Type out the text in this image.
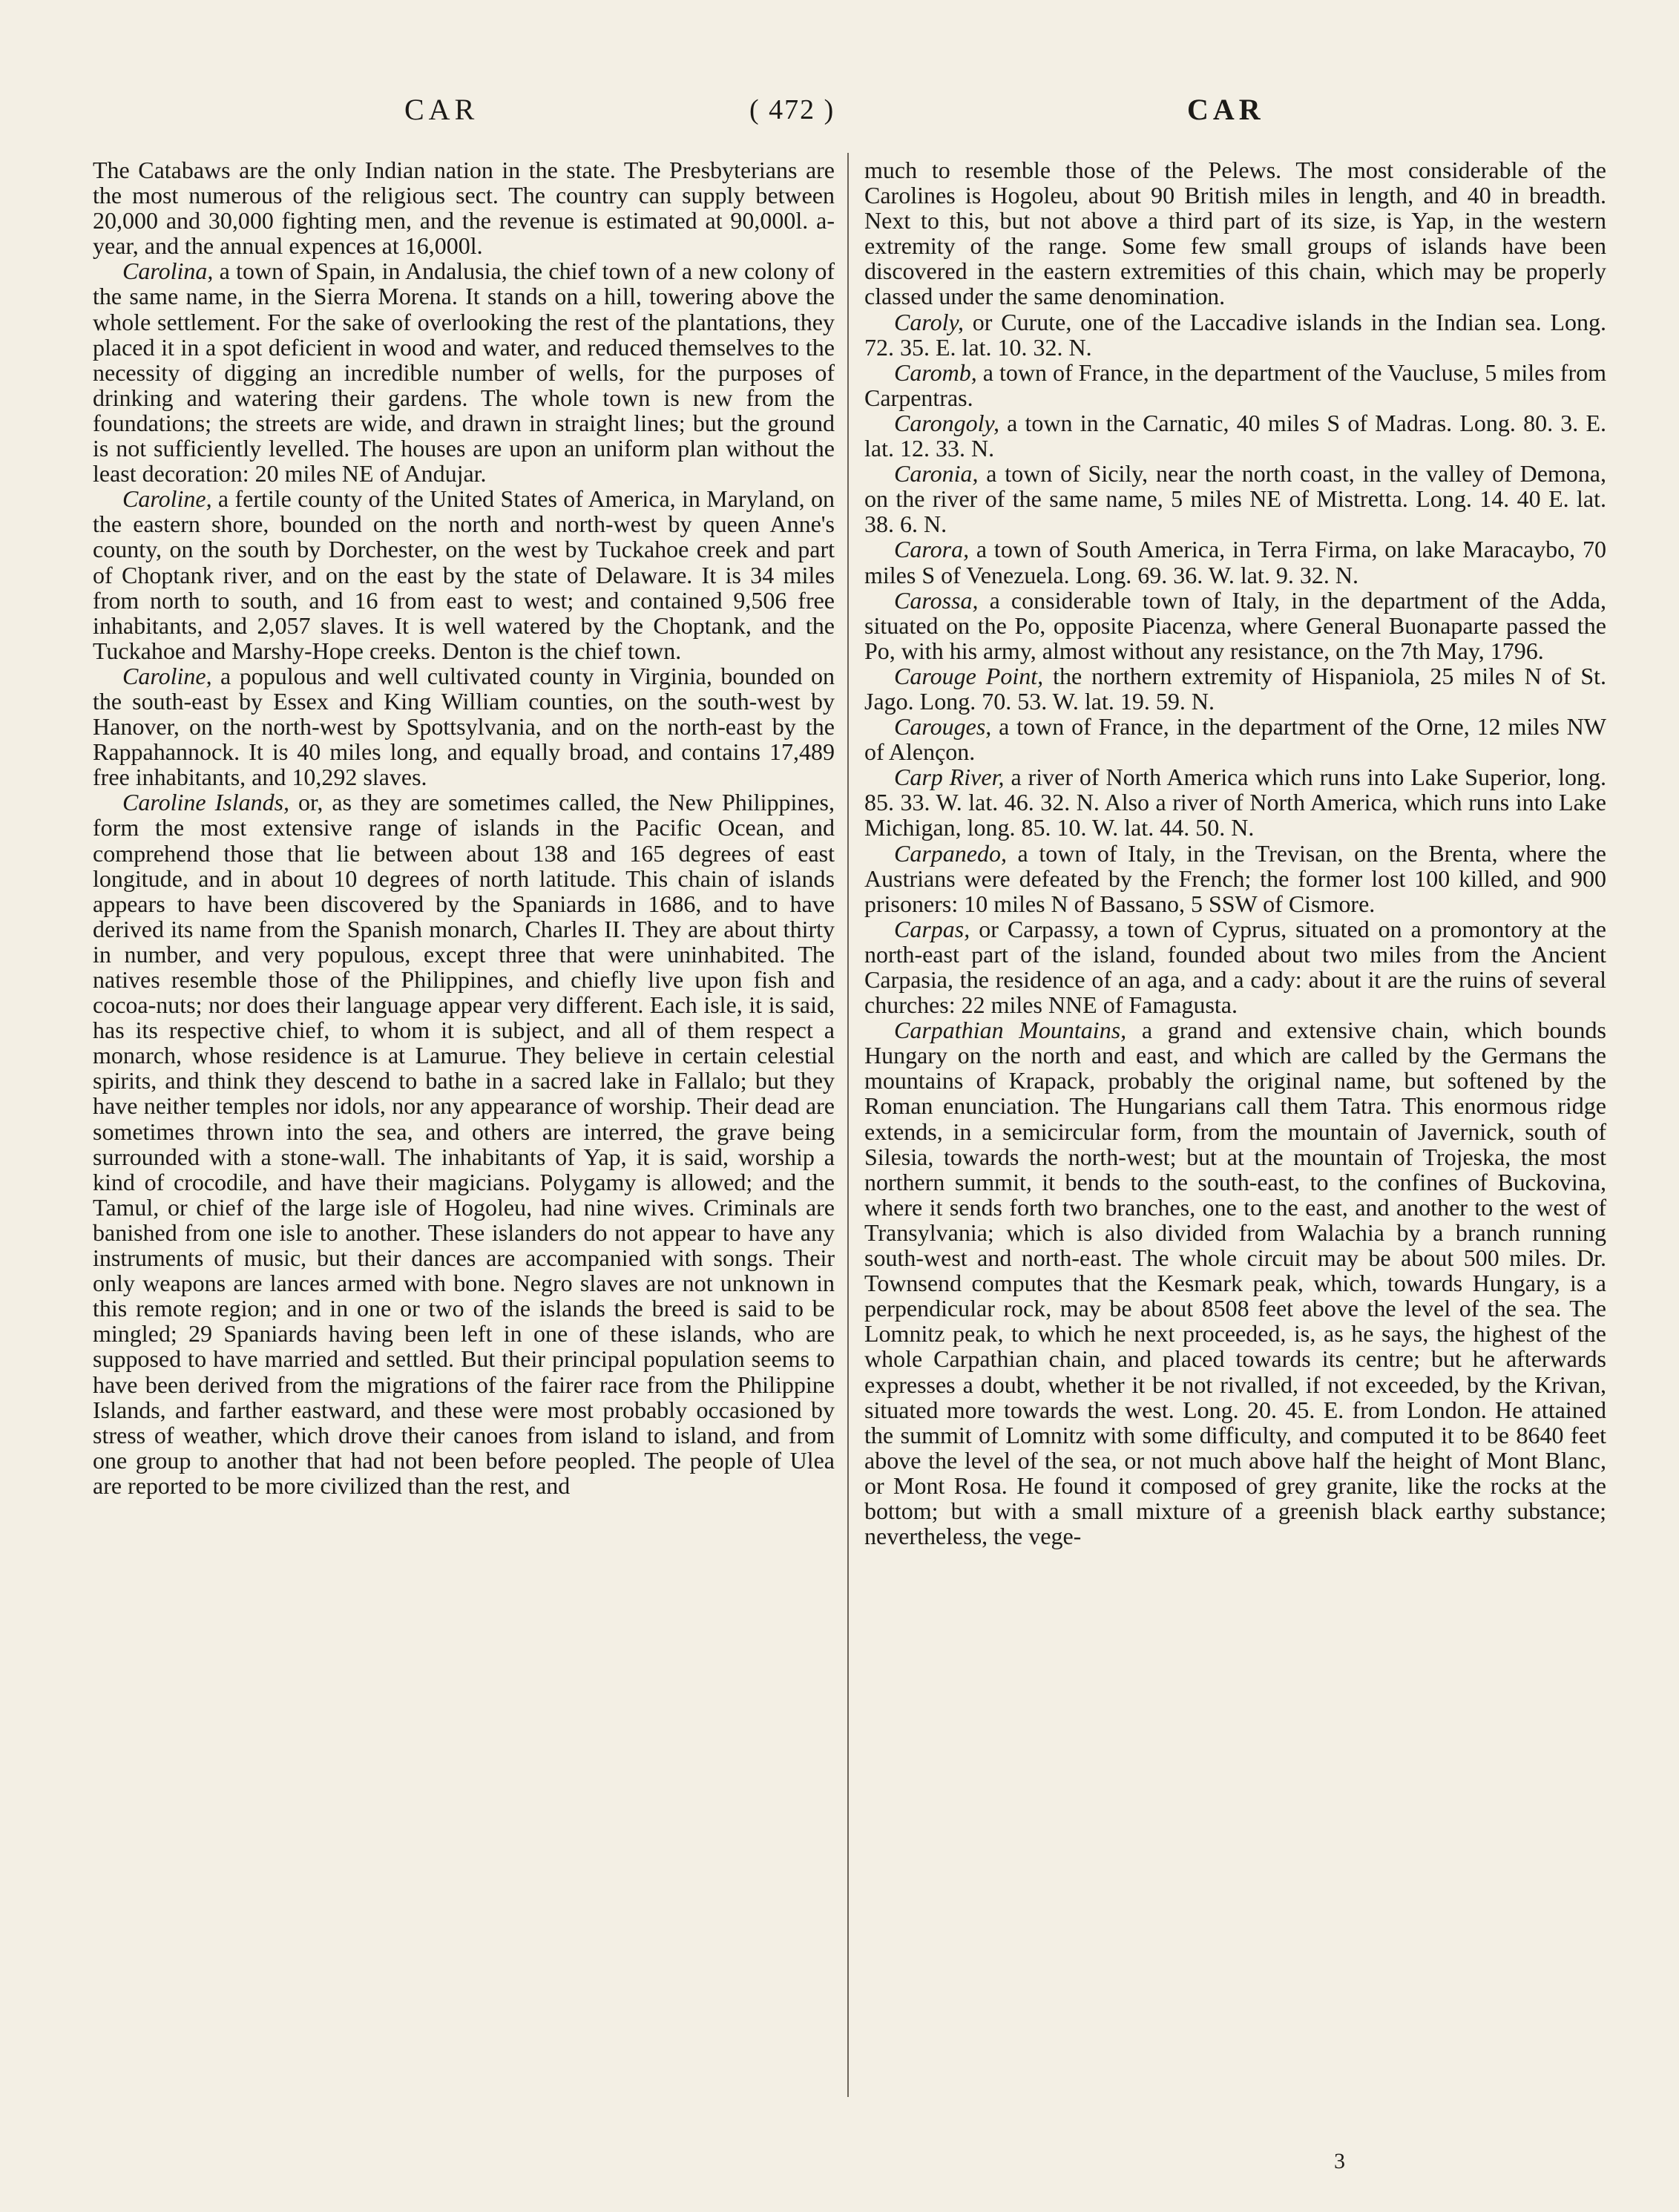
CAR	( 472 )	CAR

The Catabaws are the only Indian nation in the state. The Presbyterians are the most numerous of the religious sect. The country can supply between 20,000 and 30,000 fighting men, and the revenue is estimated at 90,000l. a-year, and the annual expences at 16,000l.

Carolina, a town of Spain, in Andalusia, the chief town of a new colony of the same name, in the Sierra Morena. It stands on a hill, towering above the whole settlement. For the sake of overlooking the rest of the plantations, they placed it in a spot deficient in wood and water, and reduced themselves to the necessity of digging an incredible number of wells, for the purposes of drinking and watering their gardens. The whole town is new from the foundations; the streets are wide, and drawn in straight lines; but the ground is not sufficiently levelled. The houses are upon an uniform plan without the least decoration: 20 miles NE of Andujar.

Caroline, a fertile county of the United States of America, in Maryland, on the eastern shore, bounded on the north and north-west by queen Anne's county, on the south by Dorchester, on the west by Tuckahoe creek and part of Choptank river, and on the east by the state of Delaware. It is 34 miles from north to south, and 16 from east to west; and contained 9,506 free inhabitants, and 2,057 slaves. It is well watered by the Choptank, and the Tuckahoe and Marshy-Hope creeks. Denton is the chief town.

Caroline, a populous and well cultivated county in Virginia, bounded on the south-east by Essex and King William counties, on the south-west by Hanover, on the north-west by Spottsylvania, and on the north-east by the Rappahannock. It is 40 miles long, and equally broad, and contains 17,489 free inhabitants, and 10,292 slaves.

Caroline Islands, or, as they are sometimes called, the New Philippines, form the most extensive range of islands in the Pacific Ocean, and comprehend those that lie between about 138 and 165 degrees of east longitude, and in about 10 degrees of north latitude. This chain of islands appears to have been discovered by the Spaniards in 1686, and to have derived its name from the Spanish monarch, Charles II. They are about thirty in number, and very populous, except three that were uninhabited. The natives resemble those of the Philippines, and chiefly live upon fish and cocoa-nuts; nor does their language appear very different. Each isle, it is said, has its respective chief, to whom it is subject, and all of them respect a monarch, whose residence is at Lamurue. They believe in certain celestial spirits, and think they descend to bathe in a sacred lake in Fallalo; but they have neither temples nor idols, nor any appearance of worship. Their dead are sometimes thrown into the sea, and others are interred, the grave being surrounded with a stone-wall. The inhabitants of Yap, it is said, worship a kind of crocodile, and have their magicians. Polygamy is allowed; and the Tamul, or chief of the large isle of Hogoleu, had nine wives. Criminals are banished from one isle to another. These islanders do not appear to have any instruments of music, but their dances are accompanied with songs. Their only weapons are lances armed with bone. Negro slaves are not unknown in this remote region; and in one or two of the islands the breed is said to be mingled; 29 Spaniards having been left in one of these islands, who are supposed to have married and settled. But their principal population seems to have been derived from the migrations of the fairer race from the Philippine Islands, and farther eastward, and these were most probably occasioned by stress of weather, which drove their canoes from island to island, and from one group to another that had not been before peopled. The people of Ulea are reported to be more civilized than the rest, and

much to resemble those of the Pelews. The most considerable of the Carolines is Hogoleu, about 90 British miles in length, and 40 in breadth. Next to this, but not above a third part of its size, is Yap, in the western extremity of the range. Some few small groups of islands have been discovered in the eastern extremities of this chain, which may be properly classed under the same denomination.

Caroly, or Curute, one of the Laccadive islands in the Indian sea. Long. 72. 35. E. lat. 10. 32. N.

Caromb, a town of France, in the department of the Vaucluse, 5 miles from Carpentras.

Carongoly, a town in the Carnatic, 40 miles S of Madras. Long. 80. 3. E. lat. 12. 33. N.

Caronia, a town of Sicily, near the north coast, in the valley of Demona, on the river of the same name, 5 miles NE of Mistretta. Long. 14. 40 E. lat. 38. 6. N.

Carora, a town of South America, in Terra Firma, on lake Maracaybo, 70 miles S of Venezuela. Long. 69. 36. W. lat. 9. 32. N.

Carossa, a considerable town of Italy, in the department of the Adda, situated on the Po, opposite Piacenza, where General Buonaparte passed the Po, with his army, almost without any resistance, on the 7th May, 1796.

Carouge Point, the northern extremity of Hispaniola, 25 miles N of St. Jago. Long. 70. 53. W. lat. 19. 59. N.

Carouges, a town of France, in the department of the Orne, 12 miles NW of Alençon.

Carp River, a river of North America which runs into Lake Superior, long. 85. 33. W. lat. 46. 32. N. Also a river of North America, which runs into Lake Michigan, long. 85. 10. W. lat. 44. 50. N.

Carpanedo, a town of Italy, in the Trevisan, on the Brenta, where the Austrians were defeated by the French; the former lost 100 killed, and 900 prisoners: 10 miles N of Bassano, 5 SSW of Cismore.

Carpas, or Carpassy, a town of Cyprus, situated on a promontory at the north-east part of the island, founded about two miles from the Ancient Carpasia, the residence of an aga, and a cady: about it are the ruins of several churches: 22 miles NNE of Famagusta.

Carpathian Mountains, a grand and extensive chain, which bounds Hungary on the north and east, and which are called by the Germans the mountains of Krapack, probably the original name, but softened by the Roman enunciation. The Hungarians call them Tatra. This enormous ridge extends, in a semicircular form, from the mountain of Javernick, south of Silesia, towards the north-west; but at the mountain of Trojeska, the most northern summit, it bends to the south-east, to the confines of Buckovina, where it sends forth two branches, one to the east, and another to the west of Transylvania; which is also divided from Walachia by a branch running south-west and north-east. The whole circuit may be about 500 miles. Dr. Townsend computes that the Kesmark peak, which, towards Hungary, is a perpendicular rock, may be about 8508 feet above the level of the sea. The Lomnitz peak, to which he next proceeded, is, as he says, the highest of the whole Carpathian chain, and placed towards its centre; but he afterwards expresses a doubt, whether it be not rivalled, if not exceeded, by the Krivan, situated more towards the west. Long. 20. 45. E. from London. He attained the summit of Lomnitz with some difficulty, and computed it to be 8640 feet above the level of the sea, or not much above half the height of Mont Blanc, or Mont Rosa. He found it composed of grey granite, like the rocks at the bottom; but with a small mixture of a greenish black earthy substance; nevertheless, the vege-

3
